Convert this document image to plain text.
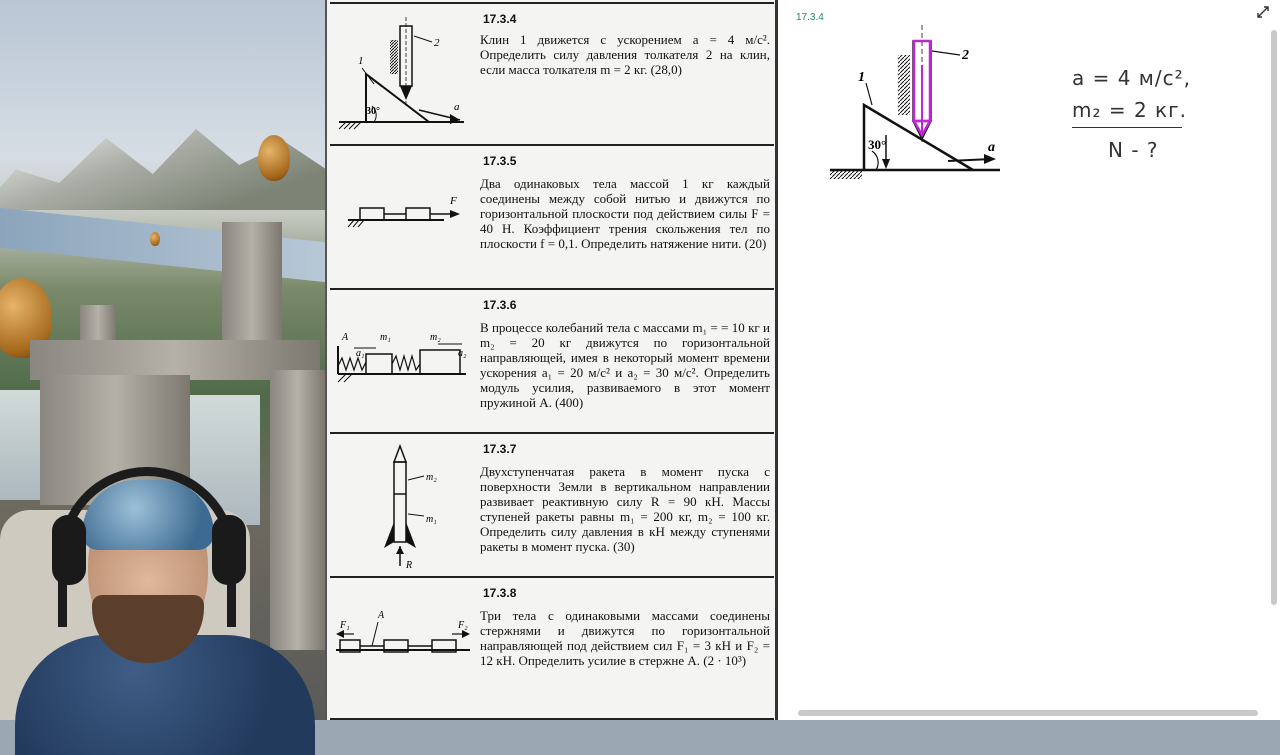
1
2
30°	a
17.3.4
Клин 1 движется с ускорением a = 4 м/с². Определить силу давления толкателя 2 на клин, если масса толкателя m = 2 кг. (28,0)
F
17.3.5
Два одинаковых тела массой 1 кг каждый соединены между собой нитью и движутся по горизонтальной плоскости под действием силы F = 40 Н. Коэффициент трения скольжения тел по плоскости f = 0,1. Определить натяжение нити. (20)
A	m₁	m₂
a₁	a₂
17.3.6
В процессе колебаний тела с массами m₁ = = 10 кг и m₂ = 20 кг движутся по горизонтальной направляющей, имея в некоторый момент времени ускорения a₁ = 20 м/с² и a₂ = 30 м/с². Определить модуль усилия, развиваемого в этот момент пружиной A. (400)
m₂
m₁
R
17.3.7
Двухступенчатая ракета в момент пуска с поверхности Земли в вертикальном направлении развивает реактивную силу R = 90 кН. Массы ступеней ракеты равны m₁ = 200 кг, m₂ = 100 кг. Определить силу давления в кН между ступенями ракеты в момент пуска. (30)
F₁
A
F₂
17.3.8
Три тела с одинаковыми массами соединены стержнями и движутся по горизонтальной направляющей под действием сил F₁ = 3 кН и F₂ = 12 кН. Определить усилие в стержне A. (2 · 10³)
17.3.4
1
2
30°	a
a = 4 м/с²,
m₂ = 2 кг.
N - ?
